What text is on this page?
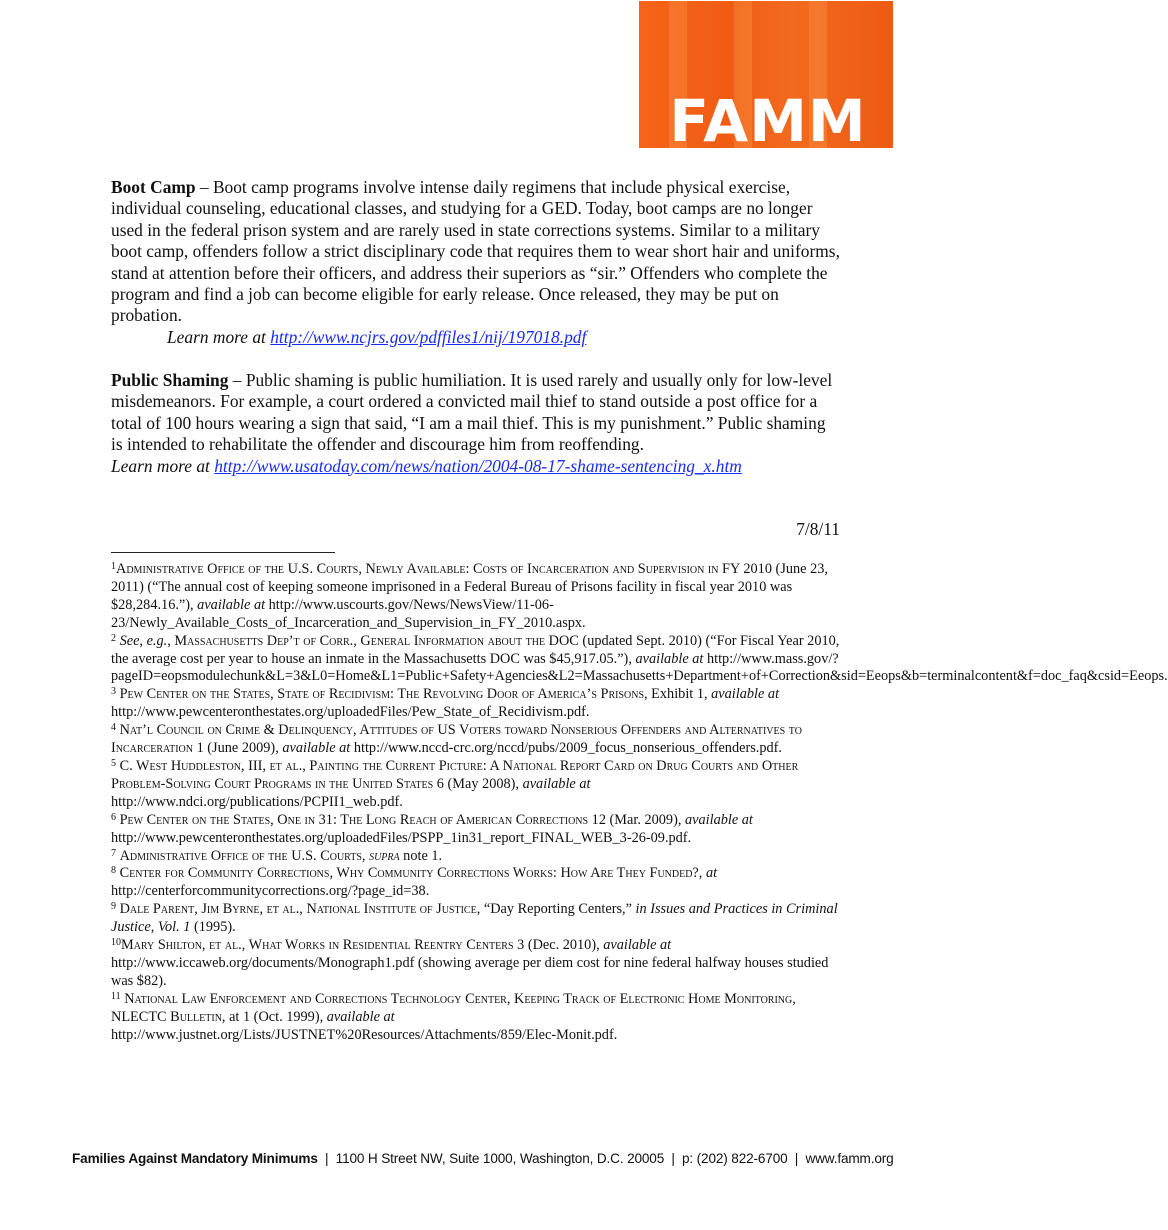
FAMM

Boot Camp – Boot camp programs involve intense daily regimens that include physical exercise, individual counseling, educational classes, and studying for a GED. Today, boot camps are no longer used in the federal prison system and are rarely used in state corrections systems. Similar to a military boot camp, offenders follow a strict disciplinary code that requires them to wear short hair and uniforms, stand at attention before their officers, and address their superiors as “sir.” Offenders who complete the program and find a job can become eligible for early release. Once released, they may be put on probation.

Learn more at http://www.ncjrs.gov/pdffiles1/nij/197018.pdf

Public Shaming – Public shaming is public humiliation. It is used rarely and usually only for low-level misdemeanors. For example, a court ordered a convicted mail thief to stand outside a post office for a total of 100 hours wearing a sign that said, “I am a mail thief. This is my punishment.” Public shaming is intended to rehabilitate the offender and discourage him from reoffending.

Learn more at http://www.usatoday.com/news/nation/2004-08-17-shame-sentencing_x.htm

7/8/11

$^1$Administrative Office of the U.S. Courts, Newly Available: Costs of Incarceration and Supervision in FY 2010 (June 23, 2011) (“The annual cost of keeping someone imprisoned in a Federal Bureau of Prisons facility in fiscal year 2010 was $28,284.16.”), available at http://www.uscourts.gov/News/NewsView/11-06-23/Newly_Available_Costs_of_Incarceration_and_Supervision_in_FY_2010.aspx.

$^2$ See, e.g., Massachusetts Dep’t of Corr., General Information about the DOC (updated Sept. 2010) (“For Fiscal Year 2010, the average cost per year to house an inmate in the Massachusetts DOC was $45,917.05.”), available at http://www.mass.gov/?pageID=eopsmodulechunk&L=3&L0=Home&L1=Public+Safety+Agencies&L2=Massachusetts+Department+of+Correction&sid=Eeops&b=terminalcontent&f=doc_faq&csid=Eeops.

$^3$ Pew Center on the States, State of Recidivism: The Revolving Door of America’s Prisons, Exhibit 1, available at http://www.pewcenteronthestates.org/uploadedFiles/Pew_State_of_Recidivism.pdf.

$^4$ Nat’l Council on Crime & Delinquency, Attitudes of US Voters toward Nonserious Offenders and Alternatives to Incarceration 1 (June 2009), available at http://www.nccd-crc.org/nccd/pubs/2009_focus_nonserious_offenders.pdf.

$^5$ C. West Huddleston, III, et al., Painting the Current Picture: A National Report Card on Drug Courts and Other Problem-Solving Court Programs in the United States 6 (May 2008), available at http://www.ndci.org/publications/PCPII1_web.pdf.

$^6$ Pew Center on the States, One in 31: The Long Reach of American Corrections 12 (Mar. 2009), available at http://www.pewcenteronthestates.org/uploadedFiles/PSPP_1in31_report_FINAL_WEB_3-26-09.pdf.

$^7$ Administrative Office of the U.S. Courts, supra note 1.

$^8$ Center for Community Corrections, Why Community Corrections Works: How Are They Funded?, at http://centerforcommunitycorrections.org/?page_id=38.

$^9$ Dale Parent, Jim Byrne, et al., National Institute of Justice, “Day Reporting Centers,” in Issues and Practices in Criminal Justice, Vol. 1 (1995).

$^{10}$Mary Shilton, et al., What Works in Residential Reentry Centers 3 (Dec. 2010), available at http://www.iccaweb.org/documents/Monograph1.pdf (showing average per diem cost for nine federal halfway houses studied was $82).

$^{11}$ National Law Enforcement and Corrections Technology Center, Keeping Track of Electronic Home Monitoring, NLECTC Bulletin, at 1 (Oct. 1999), available at http://www.justnet.org/Lists/JUSTNET%20Resources/Attachments/859/Elec-Monit.pdf.

Families Against Mandatory Minimums  |  1100 H Street NW, Suite 1000, Washington, D.C. 20005  |  p: (202) 822-6700  |  www.famm.org
